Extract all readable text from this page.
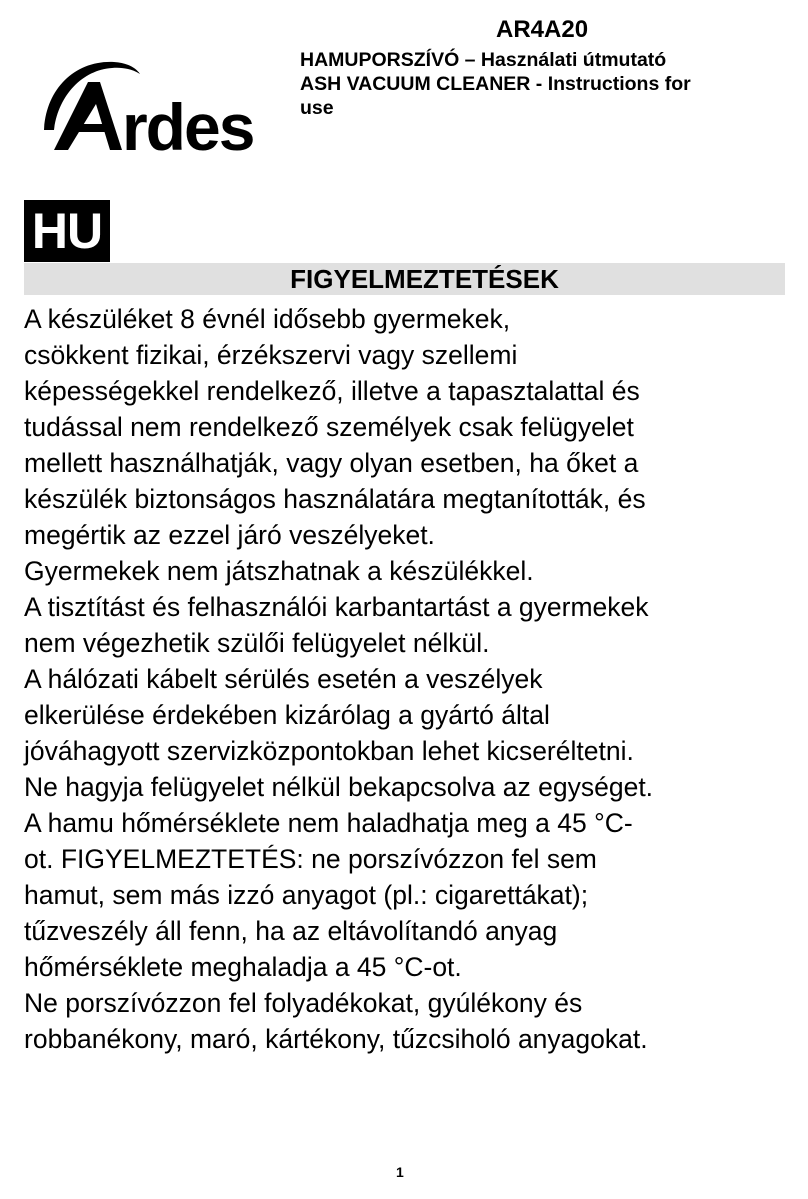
rdes
AR4A20
HAMUPORSZÍVÓ – Használati útmutató
ASH VACUUM CLEANER - Instructions for
use
HU
FIGYELMEZTETÉSEK
A készüléket 8 évnél idősebb gyermekek,
csökkent fizikai, érzékszervi vagy szellemi
képességekkel rendelkező, illetve a tapasztalattal és
tudással nem rendelkező személyek csak felügyelet
mellett használhatják, vagy olyan esetben, ha őket a
készülék biztonságos használatára megtanították, és
megértik az ezzel járó veszélyeket.
Gyermekek nem játszhatnak a készülékkel.
A tisztítást és felhasználói karbantartást a gyermekek
nem végezhetik szülői felügyelet nélkül.
A hálózati kábelt sérülés esetén a veszélyek
elkerülése érdekében kizárólag a gyártó által
jóváhagyott szervizközpontokban lehet kicseréltetni.
Ne hagyja felügyelet nélkül bekapcsolva az egységet.
A hamu hőmérséklete nem haladhatja meg a 45 °C-
ot. FIGYELMEZTETÉS: ne porszívózzon fel sem
hamut, sem más izzó anyagot (pl.: cigarettákat);
tűzveszély áll fenn, ha az eltávolítandó anyag
hőmérséklete meghaladja a 45 °C-ot.
Ne porszívózzon fel folyadékokat, gyúlékony és
robbanékony, maró, kártékony, tűzcsiholó anyagokat.
1
